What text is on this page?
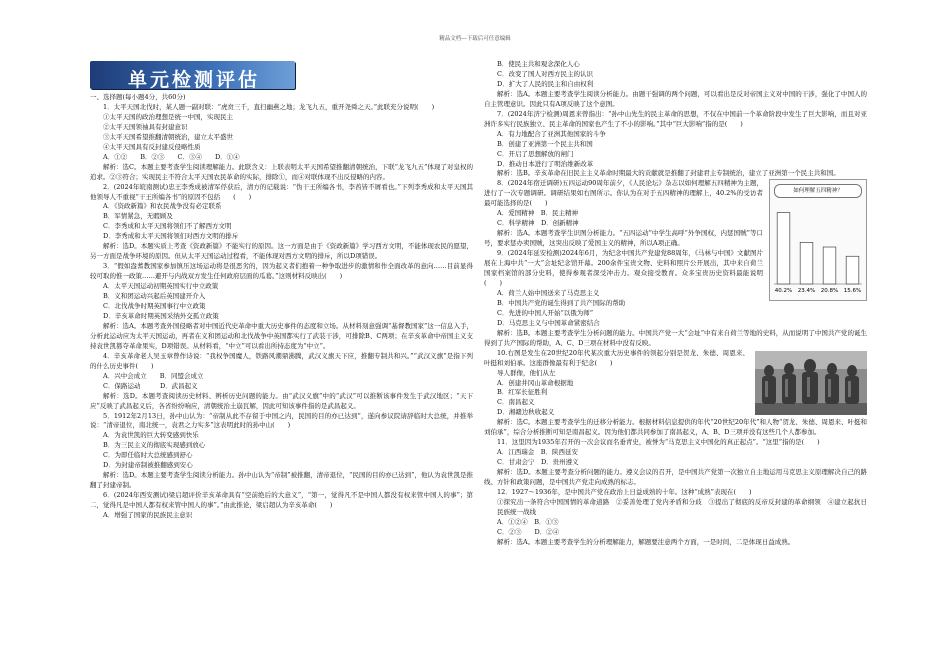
精品文档---下载后可任意编辑
单元检测评估

一、选择题(每小题4分，共60分)

1．太平天国北伐时，某人题一副对联：“虎贲三千，直扫幽燕之地；龙飞九五，重开尧舜之天。”此联充分说明(　　)

①太平天国的政治理想是统一中国，实现民主

②太平天国领袖具有封建意识

③太平天国希望推翻清朝统治，建立太平盛世

④太平天国具有反封建反侵略性质

A．①②　　B．②③　　C．③④　　D．①④

解析：选C。本题主要考查学生阅读理解能力。此联含义：上联表明太平天国希望推翻清朝统治，下联“龙飞九五”体现了对皇权的追求。②③符合；实现民主不符合太平天国农民革命的实际，排除①，而④对联体现不出反侵略的内容。

2．(2024年皖南测试)忠王李秀成被清军俘获后，清方的记载说：“伪干王所编各书，李酋皆不屑看也。”下列李秀成和太平天国其他领导人不重视“干王所编各书”的原因不包括　　(　　)

A．《资政新篇》和农民战争没有必定联系

B．军情紧急，无暇顾及

C．李秀成和太平天国将领们不了解西方文明

D．李秀成和太平天国将领们对西方文明的排斥

解析：选D。本题实质上考查《资政新篇》不能实行的原因。这一方面是由于《资政新篇》学习西方文明，不能体现农民的愿望，另一方面是战争环境的原因。但从太平天国运动过程看，不能体现对西方文明的排斥，所以D项错误。

3．“假如盎蓍教国家参加镇压这场运动将是很恶劣的，因为起义者们抱着一种争取进步的激情和作全面改革的意向……目前显得较可取的惟一政策……避开与内战双方发生任何政府层面的瓜葛。”这则材料反映出(　　)

A．太平天国运动初期英国实行中立政策

B．义和团运动兴起后英国建开介入

C．北伐战争时期英国事行中立政策

D．辛亥革命时期英国采纳外交孤立政策

解析：选A。本题考查外国侵略者对中国近代史革命中重大历史事件的态度和立场。从材料刻意强调“基督教国家”这一信息入手，分析此运动应为太平天国运动，再者在义和团运动和北伐战争中英国都实行了武装干涉，可排除B、C两项；在辛亥革命中帝国主义支持袁世凯篡夺革命果实，D项错误。从材料看，“中立”可以看出所持态度为“中立”。

4．辛亥革命老人吴玉章曾作诗说：“我权争国魔人，铁路风潮鼎沸腾，武汉义旗天下应，推翻专制共和兴。”“武汉义旗”是指下列的什么历史事件(　　)

A．兴中会成立　　B．同盟会成立

C．保路运动　　　D．武昌起义

解析：选D。本题考查阅读历史材料、辨析历史问题的能力。由“武汉义旗”中的“武汉”可以推断该事件发生于武汉地区；“天下应”反映了武昌起义后，各省纷纷响应，清朝统治土崩瓦解，因此可知该事件指的是武昌起义。

5．1912年2月13日，孙中山认为：“帝制从此不存留于中国之内，民国的目的亦已达到”，遂向参议院请辞临时大总统，并推举说：“清帝退位，南北统一，袁君之力实多”这表明此时的孙中山(　　)

A．为袁世凯的巨大转变感到快乐

B．为三民主义的彻底实现感到放心

C．为即任临时大总统感到舒心

D．为封建帝制被推翻感到安心

解析：选D。本题主要考查学生阅读分析能力。孙中山认为“帝制”被推翻，清帝退位，“民国的目的亦已达到”，他认为袁世凯是推翻了封建帝制。

6．(2024年西安测试)梁启超评价辛亥革命具有“空前绝后的大意义”，“第一，觉得凡不是中国人都没有权来管中国人的事”；第二，觉得凡是中国人都有权来管中国人的事”。”由此推论，梁启超认为辛亥革命(　　)

A．增强了国家的民族民主意识

B．使民主共和观念深化人心

C．改变了国人对西方民主的认识

D．扩大了人民的民主和自由权利

解析：选A。本题主要考查学生阅读分析能力。由题干强调的两个问题，可以看出是反对帝国主义对中国的干涉，强化了中国人的自主管理意识。因此只有A项反映了这个意图。

7．(2024年济宁检测)周恩来曾指出：“孙中山先生的民主革命的思想，不仅在中国前一个革命阶段中发生了巨大影响，而且对亚洲许多实行民族独立、民主革命的国家也产生了不小的影响。”其中“巨大影响”指的是(　　)

A．有力地配合了亚洲其他国家的斗争

B．创建了亚洲第一个民主共和国

C．开启了思想解放的闸门

D．推动日本进行了明治维新改革

解析：选B。辛亥革命在旧民主主义革命时期最大的贡献就是推翻了封建君主专制统治，建立了亚洲第一个民主共和国。

如何理解五四精神？
40.2% 23.4% 20.8% 15.6%

8．(2024年宿迁调研)五四运动90周年前夕，《人民论坛》杂志以如何理解五四精神为主题，进行了一次专题调研。调研结果如右图所示。你认为在对于五四精神的理解上，40.2%的受访者最可能选择的是(　　)

A．爱国精神　B．民主精神

C．科学精神　D．创新精神

解析：选A。本题考查学生识图分析能力。“五四运动”中学生高呼“外争国权，内惩国贼”等口号，要求惩办卖国贼，这突出反映了爱国主义的精神，所以A项正确。

9．(2024年延安检测)2024年6月，为纪念中国共产党建党88周年，《马林与中国》文献图片展在上海中共“一大”会址纪念馆开幕。200余件宝贵文物、史料和照片公开展出，其中来自荷兰国家档案馆的部分史料，使得参观者深受冲击力。观众接受教育。众多宝贵历史资料最能说明(　　)

A．荷兰人始中国送来了马克思主义

B．中国共产党的诞生得到了共产国际的帮助

C．先进的中国人开始“以俄为师”

D．马克思主义与中国革命紧密结合

解析：选B。本题主要考查学生分析问题的能力。中国共产党一大“会址”中有来自荷兰等地的史料，从而说明了中国共产党的诞生得到了共产国际的帮助，A、C、D三项在材料中没有反映。

10.右图是发生在20世纪20年代某次重大历史事件的领起分别是贺龙、朱德、周恩来、叶挺和刘伯承。这座群像最有利于纪念(　　)

导人群像，他们从左

A．创建井冈山革命根据地

B．红军长征胜利

C．南昌起义

D．湘赣边秋收起义

解析：选C。本题主要考查学生的迁移分析能力。根据材料信息提供的年代“20世纪20年代”和人物“贺龙、朱德、周恩来、叶挺和刘伯承”，综合分析推断可知是南昌起义。因为他们都共同参加了南昌起义，A、B、D三项并没有这些几个人都参加。

11．这里因为1935年召开的一次会议而名垂青史，被誉为“马克思主义中国化的真正起点”。“这里”指的是(　　)

A．江西瑞金　B．陕西延安

C．甘肃会宁　D．贵州遵义

解析：选D。本题主要考查分析问题的能力。遵义会议的召开，是中国共产党第一次独立自主地运用马克思主义原理解决自己的路线、方针和政策问题，是中国共产党走向成熟的标志。

12．1927～1936年，是中国共产党在政治上日益成熟的十年。这种“成熟”表现在(　　)

①探究出一条符合中国国情的革命道路　②妥善处理了党内矛盾和分歧　③提出了彻底的反帝反封建的革命纲领　④建立起抗日民族统一战线

A．①②④　B．①③

C．②③　　D．②④

解析：选A。本题主要考查学生的分析理解能力，解题要注意两个方面，一是时间，二是体现日益成熟。
